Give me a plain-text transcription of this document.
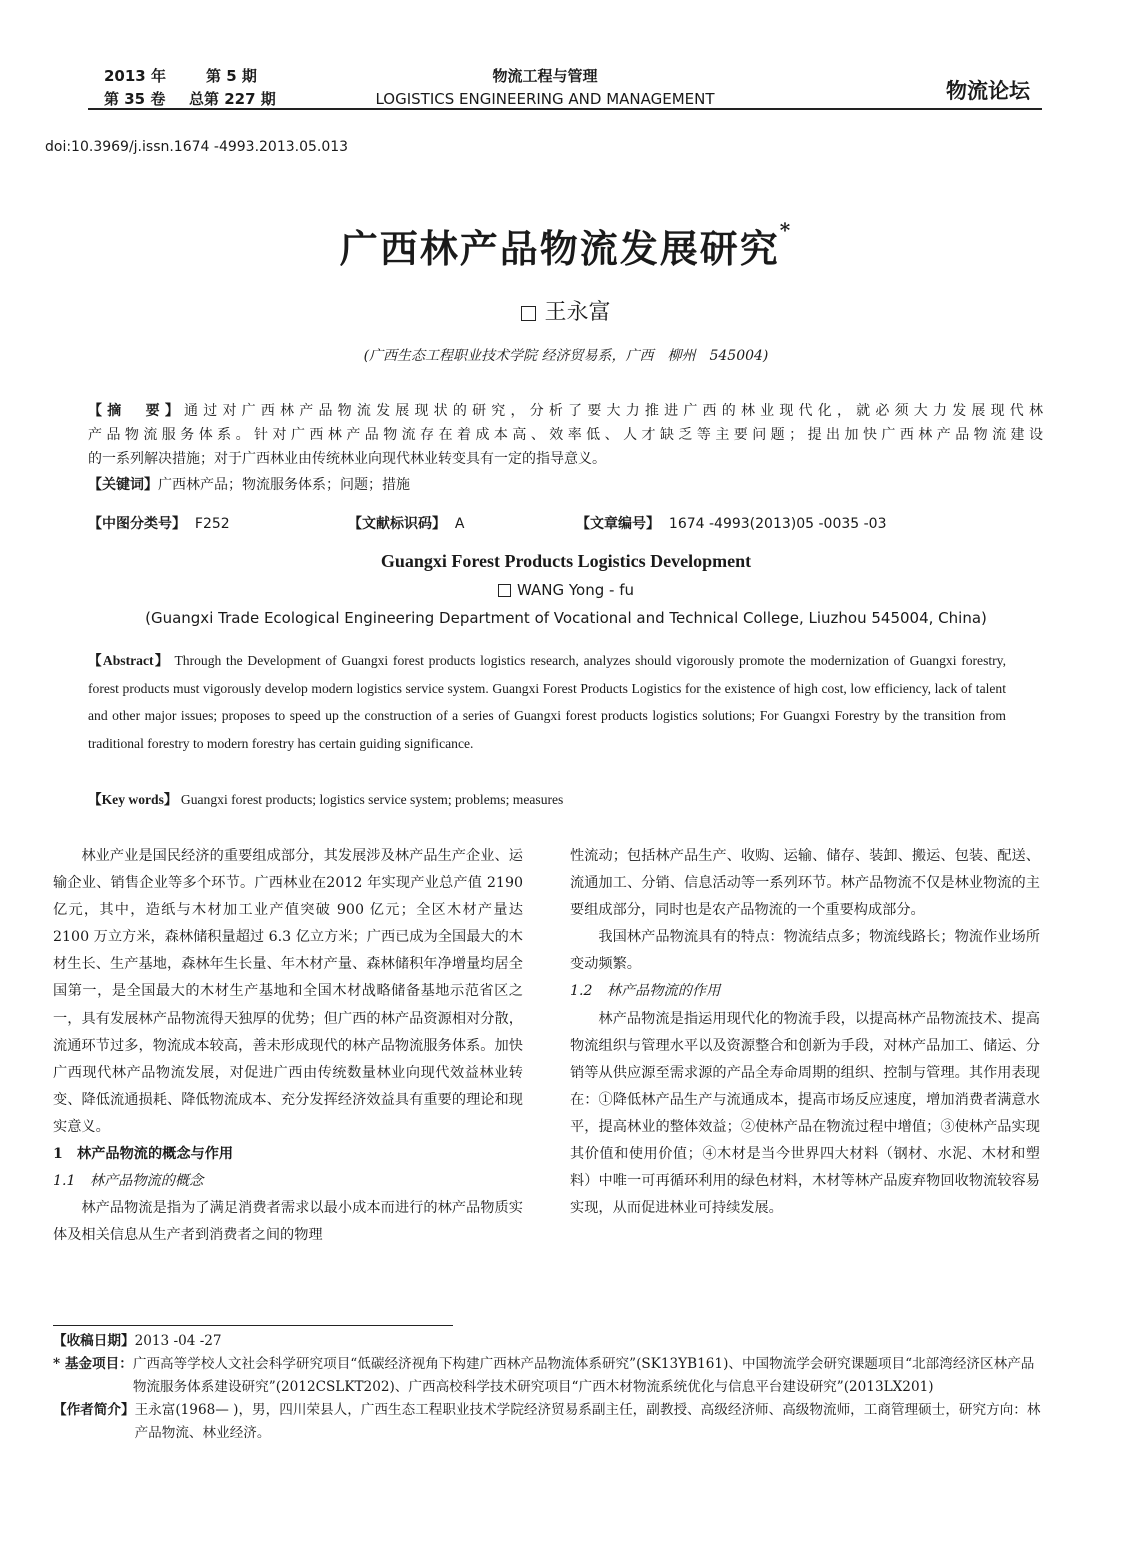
2013 年	第 5 期
第 35 卷 总第 227 期
物流工程与管理
LOGISTICS ENGINEERING AND MANAGEMENT	物流论坛
doi:10.3969/j.issn.1674 -4993.2013.05.013
广西林产品物流发展研究*
王永富
(广西生态工程职业技术学院 经济贸易系，广西　柳州　545004)
【摘　要】通过对广西林产品物流发展现状的研究，分析了要大力推进广西的林业现代化，就必须大力发展现代林
产品物流服务体系。针对广西林产品物流存在着成本高、效率低、人才缺乏等主要问题；提出加快广西林产品物流建设
的一系列解决措施；对于广西林业由传统林业向现代林业转变具有一定的指导意义。
【关键词】广西林产品；物流服务体系；问题；措施
【中图分类号】 F252	【文献标识码】 A	【文章编号】 1674 -4993(2013)05 -0035 -03
Guangxi Forest Products Logistics Development
WANG Yong - fu
(Guangxi Trade Ecological Engineering Department of Vocational and Technical College, Liuzhou 545004, China)
【Abstract】 Through the Development of Guangxi forest products logistics research, analyzes should vigorously promote the modernization of Guangxi forestry, forest products must vigorously develop modern logistics service system. Guangxi Forest Products Logistics for the existence of high cost, low efficiency, lack of talent and other major issues; proposes to speed up the construction of a series of Guangxi forest products logistics solutions; For Guangxi Forestry by the transition from traditional forestry to modern forestry has certain guiding significance.
【Key words】 Guangxi forest products; logistics service system; problems; measures

林业产业是国民经济的重要组成部分，其发展涉及林产品生产企业、运输企业、销售企业等多个环节。广西林业在2012 年实现产业总产值 2190 亿元，其中，造纸与木材加工业产值突破 900 亿元；全区木材产量达 2100 万立方米，森林储积量超过 6.3 亿立方米；广西已成为全国最大的木材生长、生产基地，森林年生长量、年木材产量、森林储积年净增量均居全国第一，是全国最大的木材生产基地和全国木材战略储备基地示范省区之一，具有发展林产品物流得天独厚的优势；但广西的林产品资源相对分散，流通环节过多，物流成本较高，善未形成现代的林产品物流服务体系。加快广西现代林产品物流发展，对促进广西由传统数量林业向现代效益林业转变、降低流通损耗、降低物流成本、充分发挥经济效益具有重要的理论和现实意义。

1　林产品物流的概念与作用

1.1　林产品物流的概念

林产品物流是指为了满足消费者需求以最小成本而进行的林产品物质实体及相关信息从生产者到消费者之间的物理

性流动；包括林产品生产、收购、运输、储存、装卸、搬运、包装、配送、流通加工、分销、信息活动等一系列环节。林产品物流不仅是林业物流的主要组成部分，同时也是农产品物流的一个重要构成部分。

我国林产品物流具有的特点：物流结点多；物流线路长；物流作业场所变动频繁。

1.2　林产品物流的作用

林产品物流是指运用现代化的物流手段，以提高林产品物流技术、提高物流组织与管理水平以及资源整合和创新为手段，对林产品加工、储运、分销等从供应源至需求源的产品全寿命周期的组织、控制与管理。其作用表现在：①降低林产品生产与流通成本，提高市场反应速度，增加消费者满意水平，提高林业的整体效益；②使林产品在物流过程中增值；③使林产品实现其价值和使用价值；④木材是当今世界四大材料（钢材、水泥、木材和塑料）中唯一可再循环利用的绿色材料，木材等林产品废弃物回收物流较容易实现，从而促进林业可持续发展。

【收稿日期】 2013 -04 -27
* 基金项目： 广西高等学校人文社会科学研究项目“低碳经济视角下构建广西林产品物流体系研究”(SK13YB161)、中国物流学会研究课题项目“北部湾经济区林产品物流服务体系建设研究”(2012CSLKT202)、广西高校科学技术研究项目“广西木材物流系统优化与信息平台建设研究”(2013LX201)
【作者简介】 王永富(1968— )，男，四川荣县人，广西生态工程职业技术学院经济贸易系副主任，副教授、高级经济师、高级物流师，工商管理硕士，研究方向：林产品物流、林业经济。
